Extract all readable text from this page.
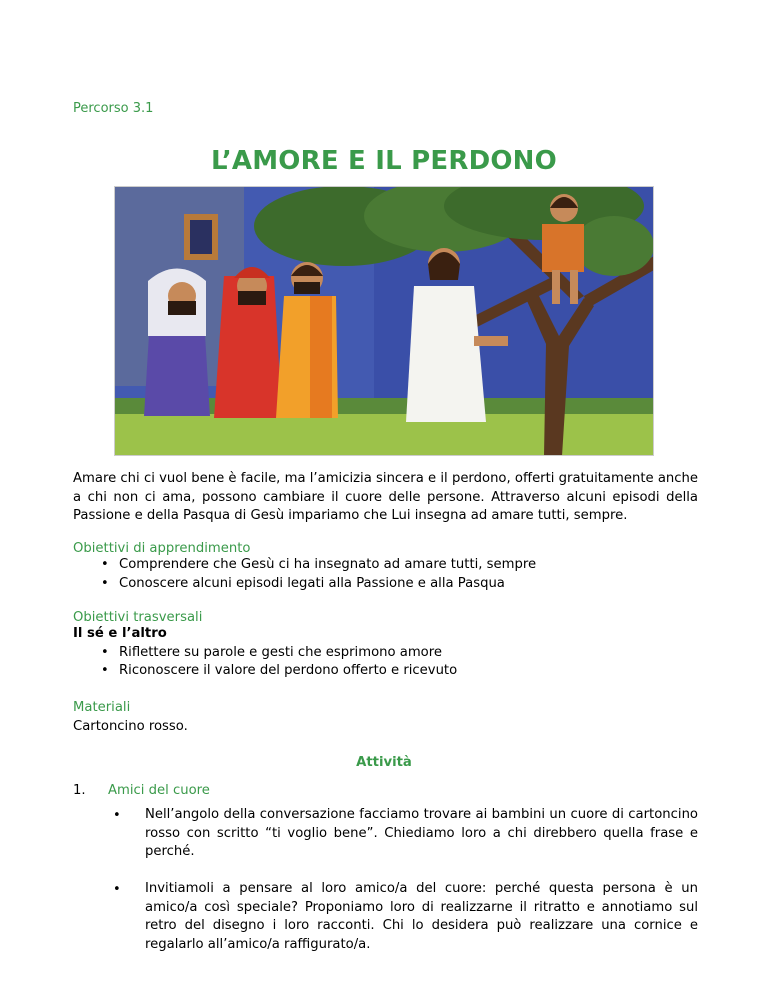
Percorso 3.1
L’AMORE E IL PERDONO
Amare chi ci vuol bene è facile, ma l’amicizia sincera e il perdono, offerti gratuitamente anche a chi non ci ama, possono cambiare il cuore delle persone. Attraverso alcuni episodi della Passione e della Pasqua di Gesù impariamo che Lui insegna ad amare tutti, sempre.
Obiettivi di apprendimento
• Comprendere che Gesù ci ha insegnato ad amare tutti, sempre
• Conoscere alcuni episodi legati alla Passione e alla Pasqua
Obiettivi trasversali
Il sé e l’altro
• Riflettere su parole e gesti che esprimono amore
• Riconoscere il valore del perdono offerto e ricevuto
Materiali
Cartoncino rosso.
Attività
1. Amici del cuore
• Nell’angolo della conversazione facciamo trovare ai bambini un cuore di cartoncino rosso con scritto “ti voglio bene”. Chiediamo loro a chi direbbero quella frase e perché.
• Invitiamoli a pensare al loro amico/a del cuore: perché questa persona è un amico/a così speciale? Proponiamo loro di realizzarne il ritratto e annotiamo sul retro del disegno i loro racconti. Chi lo desidera può realizzare una cornice e regalarlo all’amico/a raffigurato/a.
